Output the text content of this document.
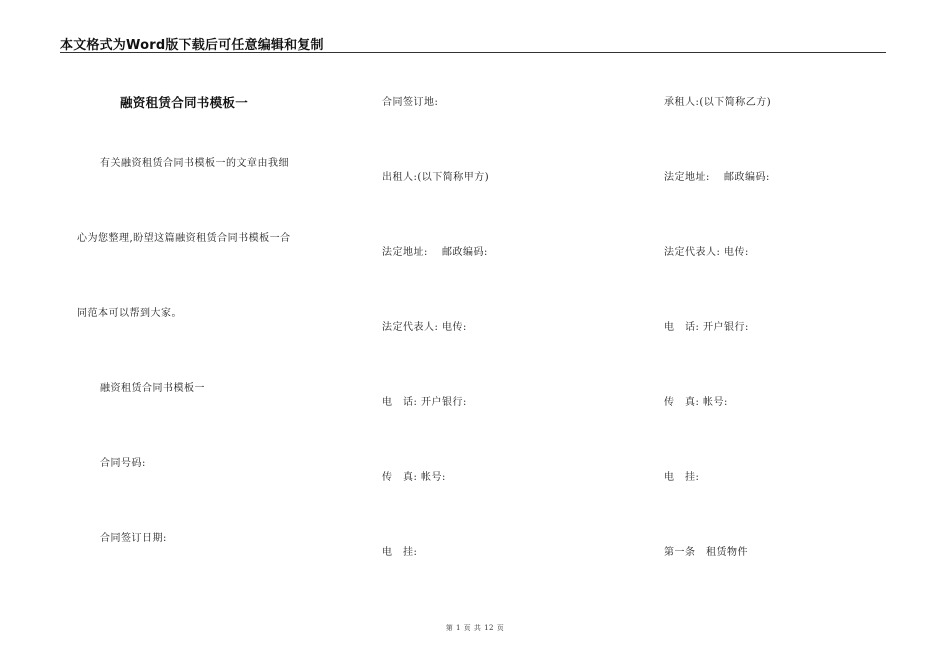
本文格式为Word版下载后可任意编辑和复制
融资租赁合同书模板一
有关融资租赁合同书模板一的文章由我细
心为您整理,盼望这篇融资租赁合同书模板一合
同范本可以帮到大家。
融资租赁合同书模板一
合同号码:
合同签订日期:
合同签订地:
出租人:(以下简称甲方)
法定地址:　 邮政编码:
法定代表人: 电传:
电　话: 开户银行:
传　真: 帐号:
电　挂:
承租人:(以下简称乙方)
法定地址:　 邮政编码:
法定代表人: 电传:
电　话: 开户银行:
传　真: 帐号:
电　挂:
第一条　租赁物件
第 1 页 共 12 页
